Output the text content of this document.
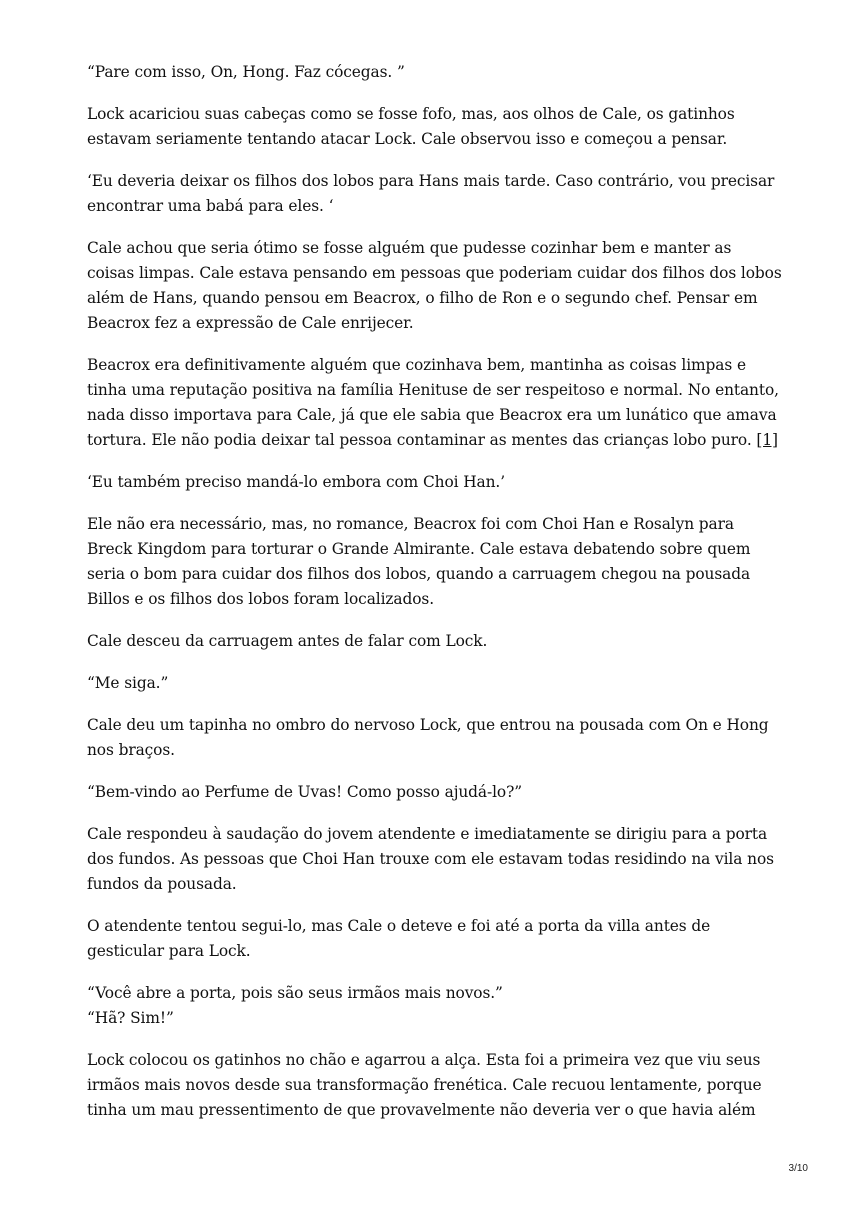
“Pare com isso, On, Hong. Faz cócegas. ”

Lock acariciou suas cabeças como se fosse fofo, mas, aos olhos de Cale, os gatinhos estavam seriamente tentando atacar Lock. Cale observou isso e começou a pensar.

‘Eu deveria deixar os filhos dos lobos para Hans mais tarde. Caso contrário, vou precisar encontrar uma babá para eles. ‘

Cale achou que seria ótimo se fosse alguém que pudesse cozinhar bem e manter as coisas limpas. Cale estava pensando em pessoas que poderiam cuidar dos filhos dos lobos além de Hans, quando pensou em Beacrox, o filho de Ron e o segundo chef. Pensar em Beacrox fez a expressão de Cale enrijecer.

Beacrox era definitivamente alguém que cozinhava bem, mantinha as coisas limpas e tinha uma reputação positiva na família Henituse de ser respeitoso e normal. No entanto, nada disso importava para Cale, já que ele sabia que Beacrox era um lunático que amava tortura. Ele não podia deixar tal pessoa contaminar as mentes das crianças lobo puro. [1]

‘Eu também preciso mandá-lo embora com Choi Han.’

Ele não era necessário, mas, no romance, Beacrox foi com Choi Han e Rosalyn para Breck Kingdom para torturar o Grande Almirante. Cale estava debatendo sobre quem seria o bom para cuidar dos filhos dos lobos, quando a carruagem chegou na pousada Billos e os filhos dos lobos foram localizados.

Cale desceu da carruagem antes de falar com Lock.

“Me siga.”

Cale deu um tapinha no ombro do nervoso Lock, que entrou na pousada com On e Hong nos braços.

“Bem-vindo ao Perfume de Uvas! Como posso ajudá-lo?”

Cale respondeu à saudação do jovem atendente e imediatamente se dirigiu para a porta dos fundos. As pessoas que Choi Han trouxe com ele estavam todas residindo na vila nos fundos da pousada.

O atendente tentou segui-lo, mas Cale o deteve e foi até a porta da villa antes de gesticular para Lock.

“Você abre a porta, pois são seus irmãos mais novos.”

“Hã? Sim!”

Lock colocou os gatinhos no chão e agarrou a alça. Esta foi a primeira vez que viu seus irmãos mais novos desde sua transformação frenética. Cale recuou lentamente, porque tinha um mau pressentimento de que provavelmente não deveria ver o que havia além

3/10
